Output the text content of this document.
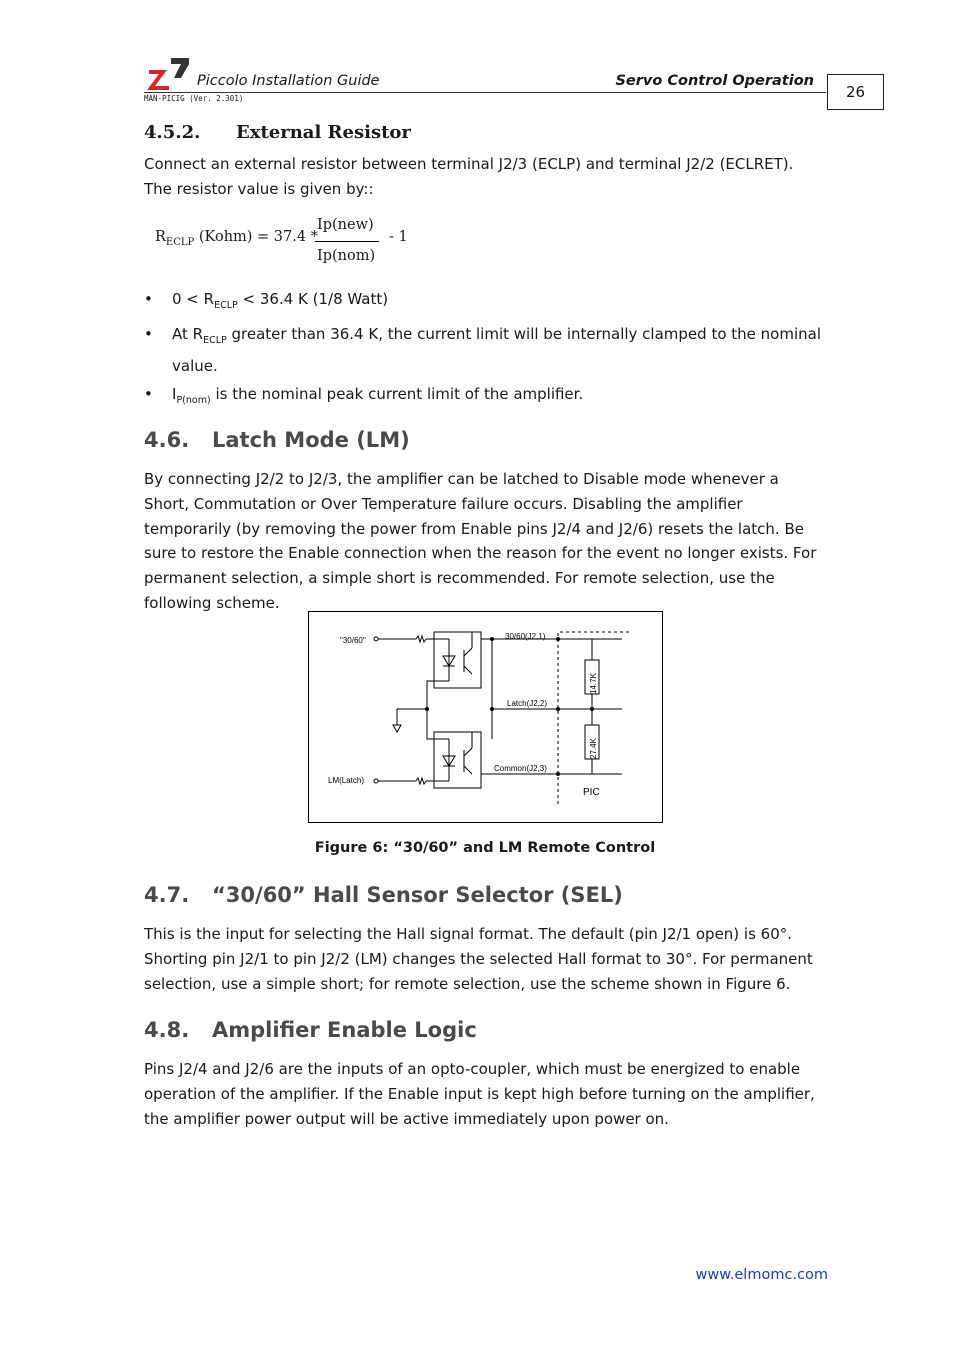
Piccolo Installation Guide	Servo Control Operation
MAN-PICIG (Ver. 2.301)	26
4.5.2. External Resistor
Connect an external resistor between terminal J2/3 (ECLP) and terminal J2/2 (ECLRET). The resistor value is given by::
$R_{ECLP}$ (Kohm) = 37.4 *
Ip(new)
Ip(nom)
- 1
• $0 < R_{ECLP} < 36.4$ K (1/8 Watt)
• At $R_{ECLP}$ greater than 36.4 K, the current limit will be internally clamped to the nominal value.
• $I_{P(nom)}$ is the nominal peak current limit of the amplifier.
4.6. Latch Mode (LM)
By connecting J2/2 to J2/3, the amplifier can be latched to Disable mode whenever a Short, Commutation or Over Temperature failure occurs. Disabling the amplifier temporarily (by removing the power from Enable pins J2/4 and J2/6) resets the latch. Be sure to restore the Enable connection when the reason for the event no longer exists. For permanent selection, a simple short is recommended. For remote selection, use the following scheme.
"30/60"
LM(Latch)
30/60(J2,1)
Latch(J2,2)
Common(J2,3)
PIC
14.7K
27.4K
Figure 6: “30/60” and LM Remote Control
4.7. “30/60” Hall Sensor Selector (SEL)
This is the input for selecting the Hall signal format. The default (pin J2/1 open) is 60°. Shorting pin J2/1 to pin J2/2 (LM) changes the selected Hall format to 30°. For permanent selection, use a simple short; for remote selection, use the scheme shown in Figure 6.
4.8. Amplifier Enable Logic
Pins J2/4 and J2/6 are the inputs of an opto-coupler, which must be energized to enable operation of the amplifier. If the Enable input is kept high before turning on the amplifier, the amplifier power output will be active immediately upon power on.
www.elmomc.com
